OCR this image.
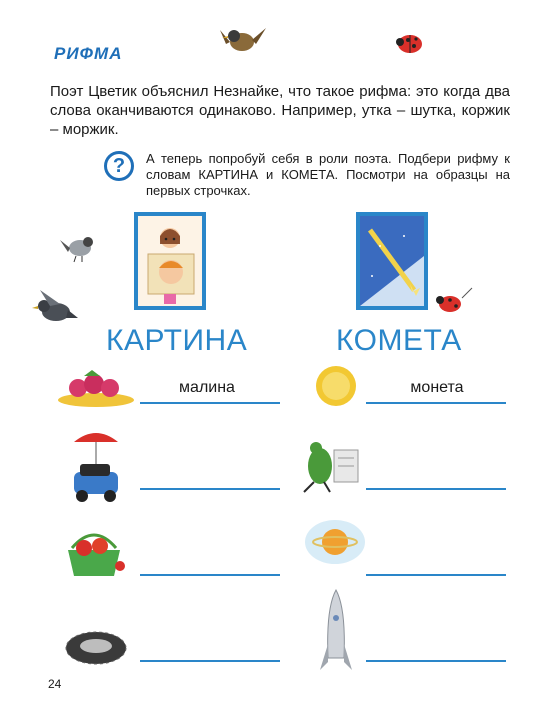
РИФМА
Поэт Цветик объяснил Незнайке, что такое рифма: это когда два слова оканчиваются одинаково. Например, утка – шутка, коржик – моржик.
?	А теперь попробуй себя в роли поэта. Подбери рифму к словам КАРТИНА и КОМЕТА. Посмотри на образцы на первых строчках.
КАРТИНА	КОМЕТА
малина	монета
24
